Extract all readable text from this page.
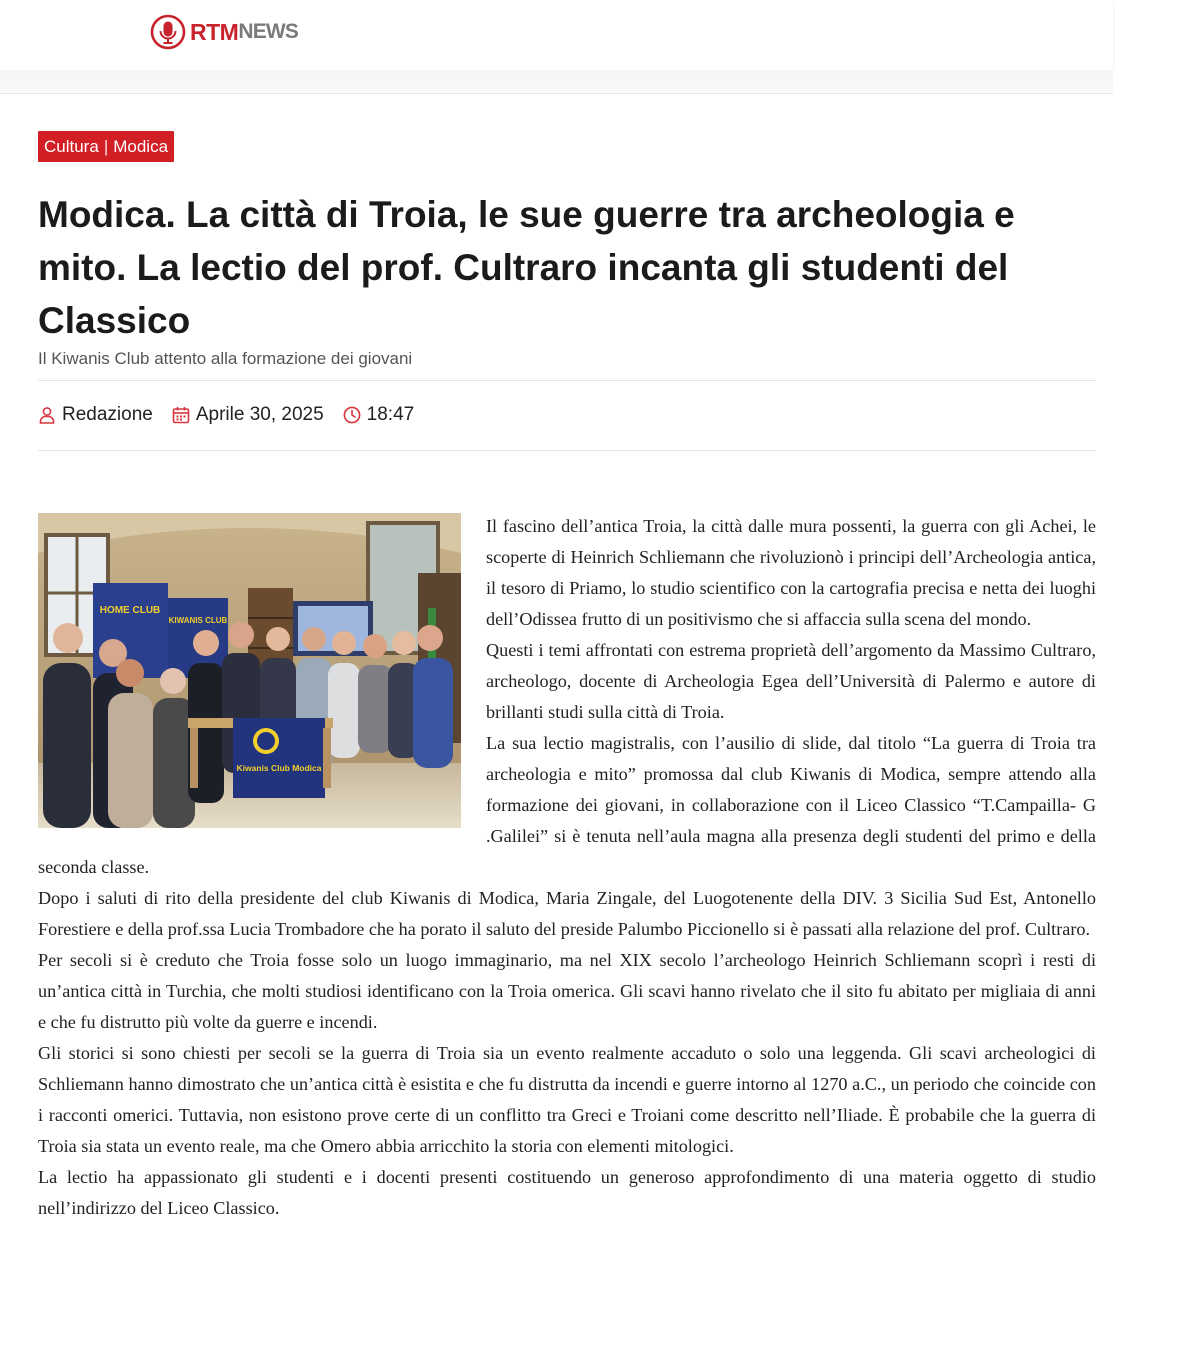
RTM NEWS
Cultura | Modica
Modica. La città di Troia, le sue guerre tra archeologia e mito. La lectio del prof. Cultraro incanta gli studenti del Classico
Il Kiwanis Club attento alla formazione dei giovani
Redazione Aprile 30, 2025 18:47
HOME CLUB
KIWANIS CLUB
Kiwanis Club Modica

Il fascino dell’antica Troia, la città dalle mura possenti, la guerra con gli Achei, le scoperte di Heinrich Schliemann che rivoluzionò i principi dell’Archeologia antica, il tesoro di Priamo, lo studio scientifico con la cartografia precisa e netta dei luoghi dell’Odissea frutto di un positivismo che si affaccia sulla scena del mondo.

Questi i temi affrontati con estrema proprietà dell’argomento da Massimo Cultraro, archeologo, docente di Archeologia Egea dell’Università di Palermo e autore di brillanti studi sulla città di Troia.

La sua lectio magistralis, con l’ausilio di slide, dal titolo “La guerra di Troia tra archeologia e mito” promossa dal club Kiwanis di Modica, sempre attendo alla formazione dei giovani, in collaborazione con il Liceo Classico “T.Campailla- G .Galilei” si è tenuta nell’aula magna alla presenza degli studenti del primo e della seconda classe.

Dopo i saluti di rito della presidente del club Kiwanis di Modica, Maria Zingale, del Luogotenente della DIV. 3 Sicilia Sud Est, Antonello Forestiere e della prof.ssa Lucia Trombadore che ha porato il saluto del preside Palumbo Piccionello si è passati alla relazione del prof. Cultraro.

Per secoli si è creduto che Troia fosse solo un luogo immaginario, ma nel XIX secolo l’archeologo Heinrich Schliemann scoprì i resti di un’antica città in Turchia, che molti studiosi identificano con la Troia omerica. Gli scavi hanno rivelato che il sito fu abitato per migliaia di anni e che fu distrutto più volte da guerre e incendi.

Gli storici si sono chiesti per secoli se la guerra di Troia sia un evento realmente accaduto o solo una leggenda. Gli scavi archeologici di Schliemann hanno dimostrato che un’antica città è esistita e che fu distrutta da incendi e guerre intorno al 1270 a.C., un periodo che coincide con i racconti omerici. Tuttavia, non esistono prove certe di un conflitto tra Greci e Troiani come descritto nell’Iliade. È probabile che la guerra di Troia sia stata un evento reale, ma che Omero abbia arricchito la storia con elementi mitologici.

La lectio ha appassionato gli studenti e i docenti presenti costituendo un generoso approfondimento di una materia oggetto di studio nell’indirizzo del Liceo Classico.
